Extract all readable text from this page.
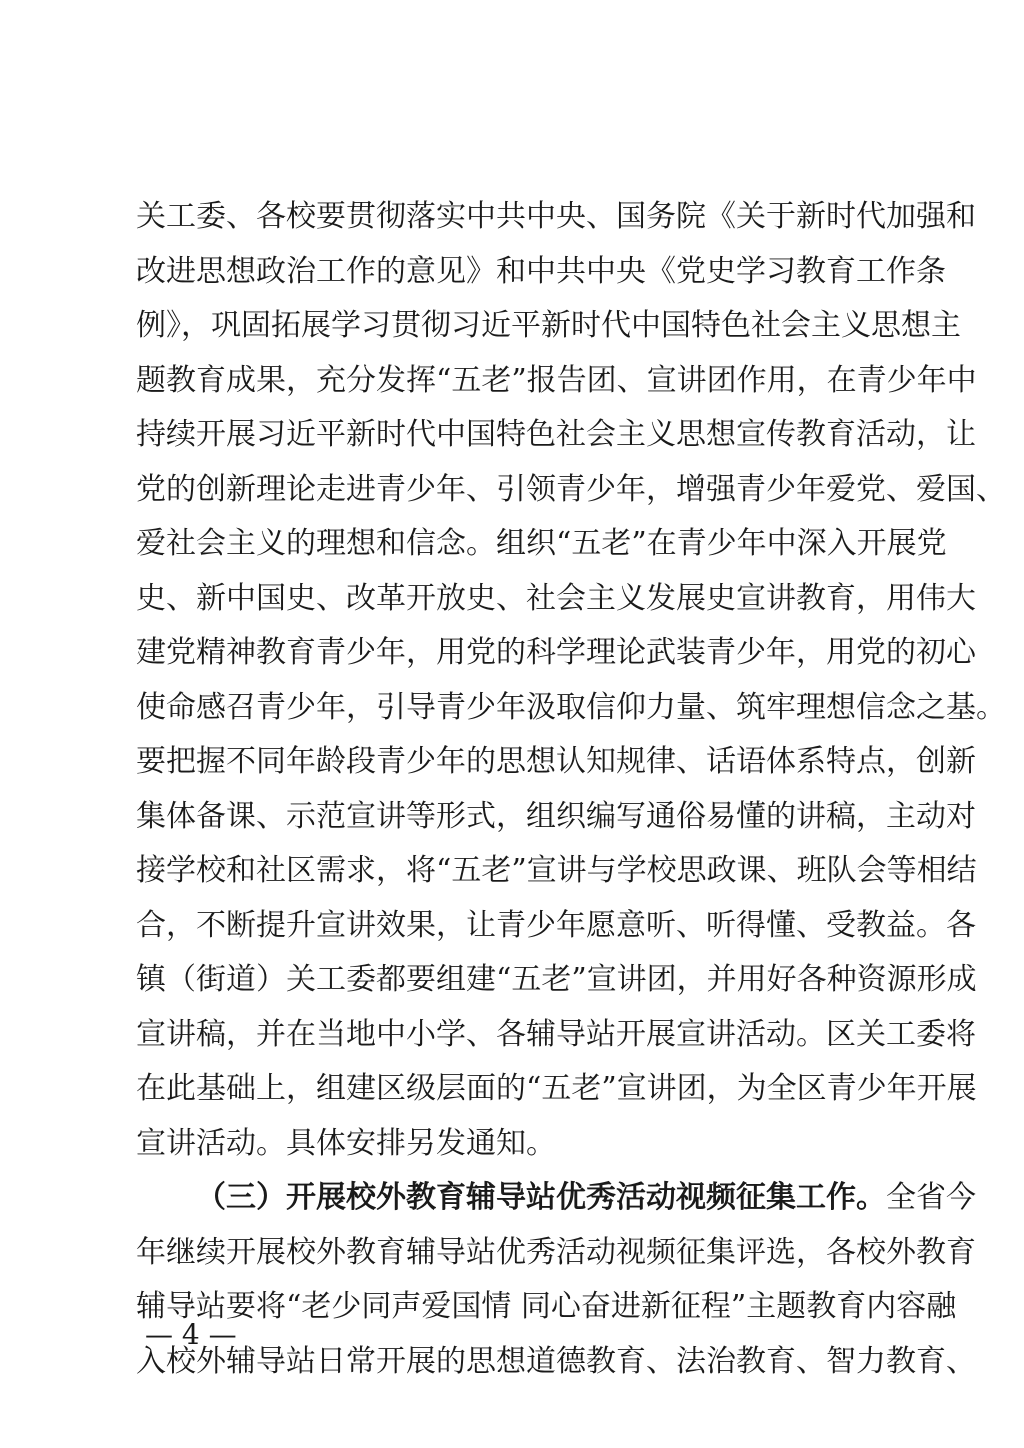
关工委、各校要贯彻落实中共中央、国务院《关于新时代加强和
改进思想政治工作的意见》和中共中央《党史学习教育工作条
例》，巩固拓展学习贯彻习近平新时代中国特色社会主义思想主
题教育成果，充分发挥“五老”报告团、宣讲团作用，在青少年中
持续开展习近平新时代中国特色社会主义思想宣传教育活动，让
党的创新理论走进青少年、引领青少年，增强青少年爱党、爱国、
爱社会主义的理想和信念。组织“五老”在青少年中深入开展党
史、新中国史、改革开放史、社会主义发展史宣讲教育，用伟大
建党精神教育青少年，用党的科学理论武装青少年，用党的初心
使命感召青少年，引导青少年汲取信仰力量、筑牢理想信念之基。
要把握不同年龄段青少年的思想认知规律、话语体系特点，创新
集体备课、示范宣讲等形式，组织编写通俗易懂的讲稿，主动对
接学校和社区需求，将“五老”宣讲与学校思政课、班队会等相结
合，不断提升宣讲效果，让青少年愿意听、听得懂、受教益。各
镇（街道）关工委都要组建“五老”宣讲团，并用好各种资源形成
宣讲稿，并在当地中小学、各辅导站开展宣讲活动。区关工委将
在此基础上，组建区级层面的“五老”宣讲团，为全区青少年开展
宣讲活动。具体安排另发通知。
（三）开展校外教育辅导站优秀活动视频征集工作。全省今
年继续开展校外教育辅导站优秀活动视频征集评选，各校外教育
辅导站要将“老少同声爱国情 同心奋进新征程”主题教育内容融
入校外辅导站日常开展的思想道德教育、法治教育、智力教育、
— 4 —
